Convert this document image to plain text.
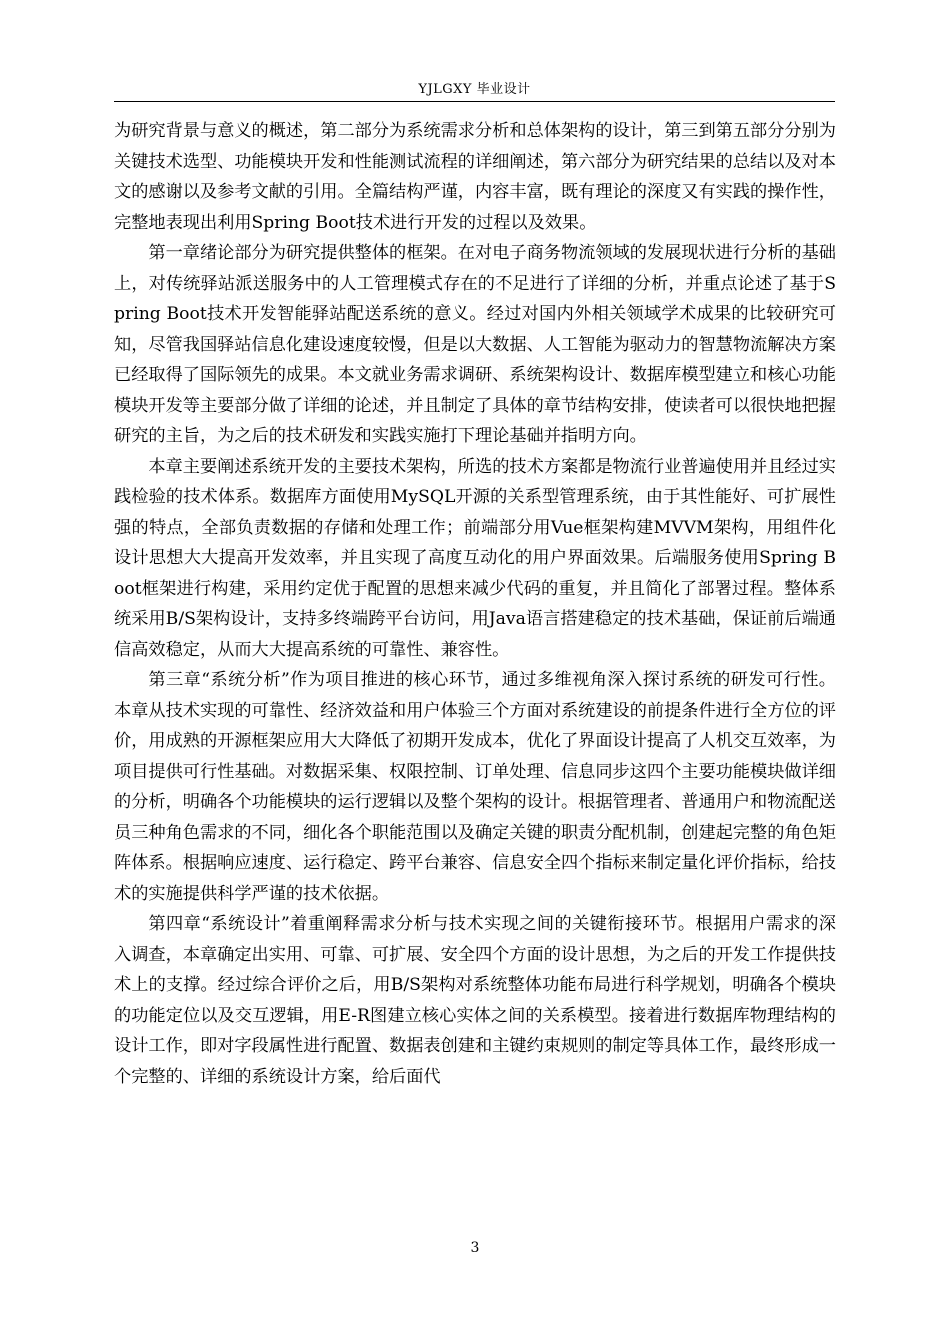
YJLGXY 毕业设计

为研究背景与意义的概述，第二部分为系统需求分析和总体架构的设计，第三到第五部分分别为关键技术选型、功能模块开发和性能测试流程的详细阐述，第六部分为研究结果的总结以及对本文的感谢以及参考文献的引用。全篇结构严谨，内容丰富，既有理论的深度又有实践的操作性，完整地表现出利用Spring Boot技术进行开发的过程以及效果。

第一章绪论部分为研究提供整体的框架。在对电子商务物流领域的发展现状进行分析的基础上，对传统驿站派送服务中的人工管理模式存在的不足进行了详细的分析，并重点论述了基于Spring Boot技术开发智能驿站配送系统的意义。经过对国内外相关领域学术成果的比较研究可知，尽管我国驿站信息化建设速度较慢，但是以大数据、人工智能为驱动力的智慧物流解决方案已经取得了国际领先的成果。本文就业务需求调研、系统架构设计、数据库模型建立和核心功能模块开发等主要部分做了详细的论述，并且制定了具体的章节结构安排，使读者可以很快地把握研究的主旨，为之后的技术研发和实践实施打下理论基础并指明方向。

本章主要阐述系统开发的主要技术架构，所选的技术方案都是物流行业普遍使用并且经过实践检验的技术体系。数据库方面使用MySQL开源的关系型管理系统，由于其性能好、可扩展性强的特点，全部负责数据的存储和处理工作；前端部分用Vue框架构建MVVM架构，用组件化设计思想大大提高开发效率，并且实现了高度互动化的用户界面效果。后端服务使用Spring Boot框架进行构建，采用约定优于配置的思想来减少代码的重复，并且简化了部署过程。整体系统采用B/S架构设计，支持多终端跨平台访问，用Java语言搭建稳定的技术基础，保证前后端通信高效稳定，从而大大提高系统的可靠性、兼容性。

第三章“系统分析”作为项目推进的核心环节，通过多维视角深入探讨系统的研发可行性。本章从技术实现的可靠性、经济效益和用户体验三个方面对系统建设的前提条件进行全方位的评价，用成熟的开源框架应用大大降低了初期开发成本，优化了界面设计提高了人机交互效率，为项目提供可行性基础。对数据采集、权限控制、订单处理、信息同步这四个主要功能模块做详细的分析，明确各个功能模块的运行逻辑以及整个架构的设计。根据管理者、普通用户和物流配送员三种角色需求的不同，细化各个职能范围以及确定关键的职责分配机制，创建起完整的角色矩阵体系。根据响应速度、运行稳定、跨平台兼容、信息安全四个指标来制定量化评价指标，给技术的实施提供科学严谨的技术依据。

第四章“系统设计”着重阐释需求分析与技术实现之间的关键衔接环节。根据用户需求的深入调查，本章确定出实用、可靠、可扩展、安全四个方面的设计思想，为之后的开发工作提供技术上的支撑。经过综合评价之后，用B/S架构对系统整体功能布局进行科学规划，明确各个模块的功能定位以及交互逻辑，用E-R图建立核心实体之间的关系模型。接着进行数据库物理结构的设计工作，即对字段属性进行配置、数据表创建和主键约束规则的制定等具体工作，最终形成一个完整的、详细的系统设计方案，给后面代

3
